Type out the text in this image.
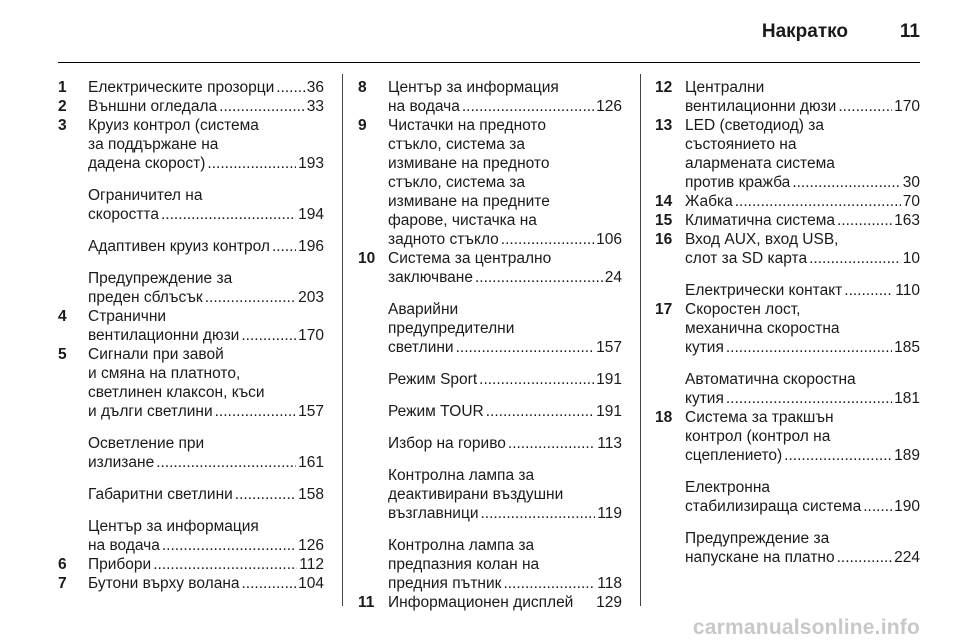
Накратко	11
1 Електрическите прозорци ..... 36
2 Външни огледала .....	33
3 Круиз контрол (система
за поддържане на
дадена скорост) .....	193
Ограничител на
скоростта .....	194
Адаптивен круиз контрол ..... 196
Предупреждение за
преден сблъсък .....	203
4 Странични
вентилационни дюзи .....	170
5 Сигнали при завой
и смяна на платното,
светлинен клаксон, къси
и дълги светлини .....	157
Осветление при
излизане .....	161
Габаритни светлини .....	158
Център за информация
на водача .....	126
6 Прибори .....	112
7 Бутони върху волана .....	104
8 Център за информация
на водача .....	126
9 Чистачки на предното
стъкло, система за
измиване на предното
стъкло, система за
измиване на предните
фарове, чистачка на
задното стъкло .....	106
10 Система за централно
заключване .....	24
Аварийни
предупредителни
светлини .....	157
Режим Sport .....	191
Режим TOUR .....	191
Избор на гориво .....	113
Контролна лампа за
деактивирани въздушни
възглавници .....	119
Контролна лампа за
предпазния колан на
предния пътник .....	118
11 Информационен дисплей 129
12 Централни
вентилационни дюзи .....	170
13 LED (светодиод) за
състоянието на
алармената система
против кражба .....	30
14 Жабка .....	70
15 Климатична система .....	163
16 Вход AUX, вход USB,
слот за SD карта .....	10
Електрически контакт .....	110
17 Скоростен лост,
механична скоростна
кутия .....	185
Автоматична скоростна
кутия .....	181
18 Система за тракшън
контрол (контрол на
сцеплението) .....	189
Електронна
стабилизираща система ..... 190
Предупреждение за
напускане на платно .....	224
carmanualsonline.info
